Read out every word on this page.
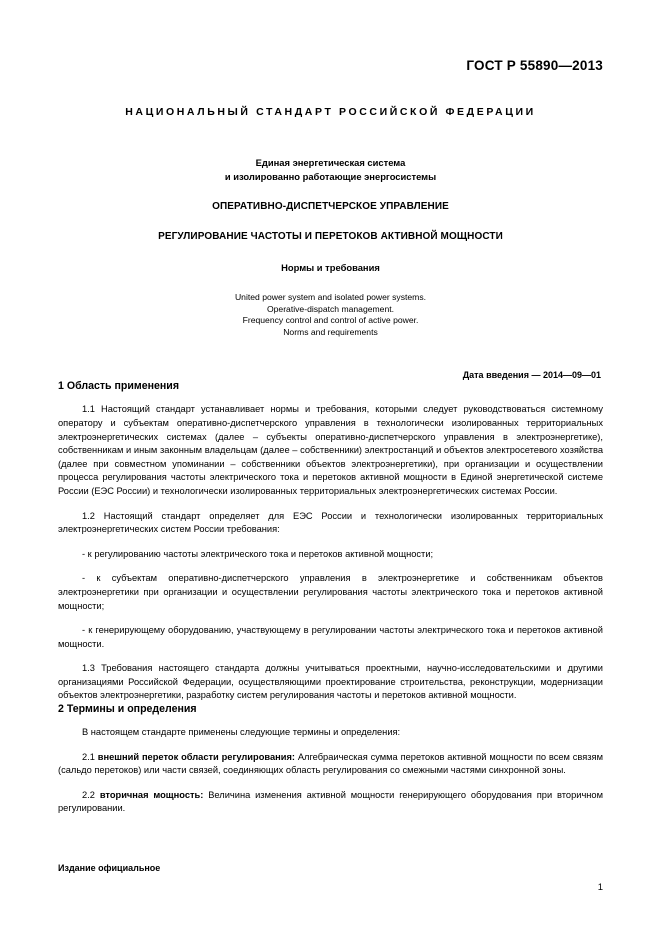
ГОСТ Р 55890—2013
НАЦИОНАЛЬНЫЙ СТАНДАРТ РОССИЙСКОЙ ФЕДЕРАЦИИ
Единая энергетическая система
и изолированно работающие энергосистемы
ОПЕРАТИВНО-ДИСПЕТЧЕРСКОЕ УПРАВЛЕНИЕ
РЕГУЛИРОВАНИЕ ЧАСТОТЫ И ПЕРЕТОКОВ АКТИВНОЙ МОЩНОСТИ
Нормы и требования
United power system and isolated power systems.
Operative-dispatch management.
Frequency control and control of active power.
Norms and requirements
Дата введения — 2014—09—01
1 Область применения
1.1 Настоящий стандарт устанавливает нормы и требования, которыми следует руководствоваться системному оператору и субъектам оперативно-диспетчерского управления в технологически изолированных территориальных электроэнергетических системах (далее – субъекты оперативно-диспетчерского управления в электроэнергетике), собственникам и иным законным владельцам (далее – собственники) электростанций и объектов электросетевого хозяйства (далее при совместном упоминании – собственники объектов электроэнергетики), при организации и осуществлении процесса регулирования частоты электрического тока и перетоков активной мощности в Единой энергетической системе России (ЕЭС России) и технологически изолированных территориальных электроэнергетических системах России.
1.2 Настоящий стандарт определяет для ЕЭС России и технологически изолированных территориальных электроэнергетических систем России требования:
- к регулированию частоты электрического тока и перетоков активной мощности;
- к субъектам оперативно-диспетчерского управления в электроэнергетике и собственникам объектов электроэнергетики при организации и осуществлении регулирования частоты электрического тока и перетоков активной мощности;
- к генерирующему оборудованию, участвующему в регулировании частоты электрического тока и перетоков активной мощности.
1.3 Требования настоящего стандарта должны учитываться проектными, научно-исследовательскими и другими организациями Российской Федерации, осуществляющими проектирование строительства, реконструкции, модернизации объектов электроэнергетики, разработку систем регулирования частоты и перетоков активной мощности.
2 Термины и определения
В настоящем стандарте применены следующие термины и определения:
2.1 внешний переток области регулирования: Алгебраическая сумма перетоков активной мощности по всем связям (сальдо перетоков) или части связей, соединяющих область регулирования со смежными частями синхронной зоны.
2.2 вторичная мощность: Величина изменения активной мощности генерирующего оборудования при вторичном регулировании.
Издание официальное
1
